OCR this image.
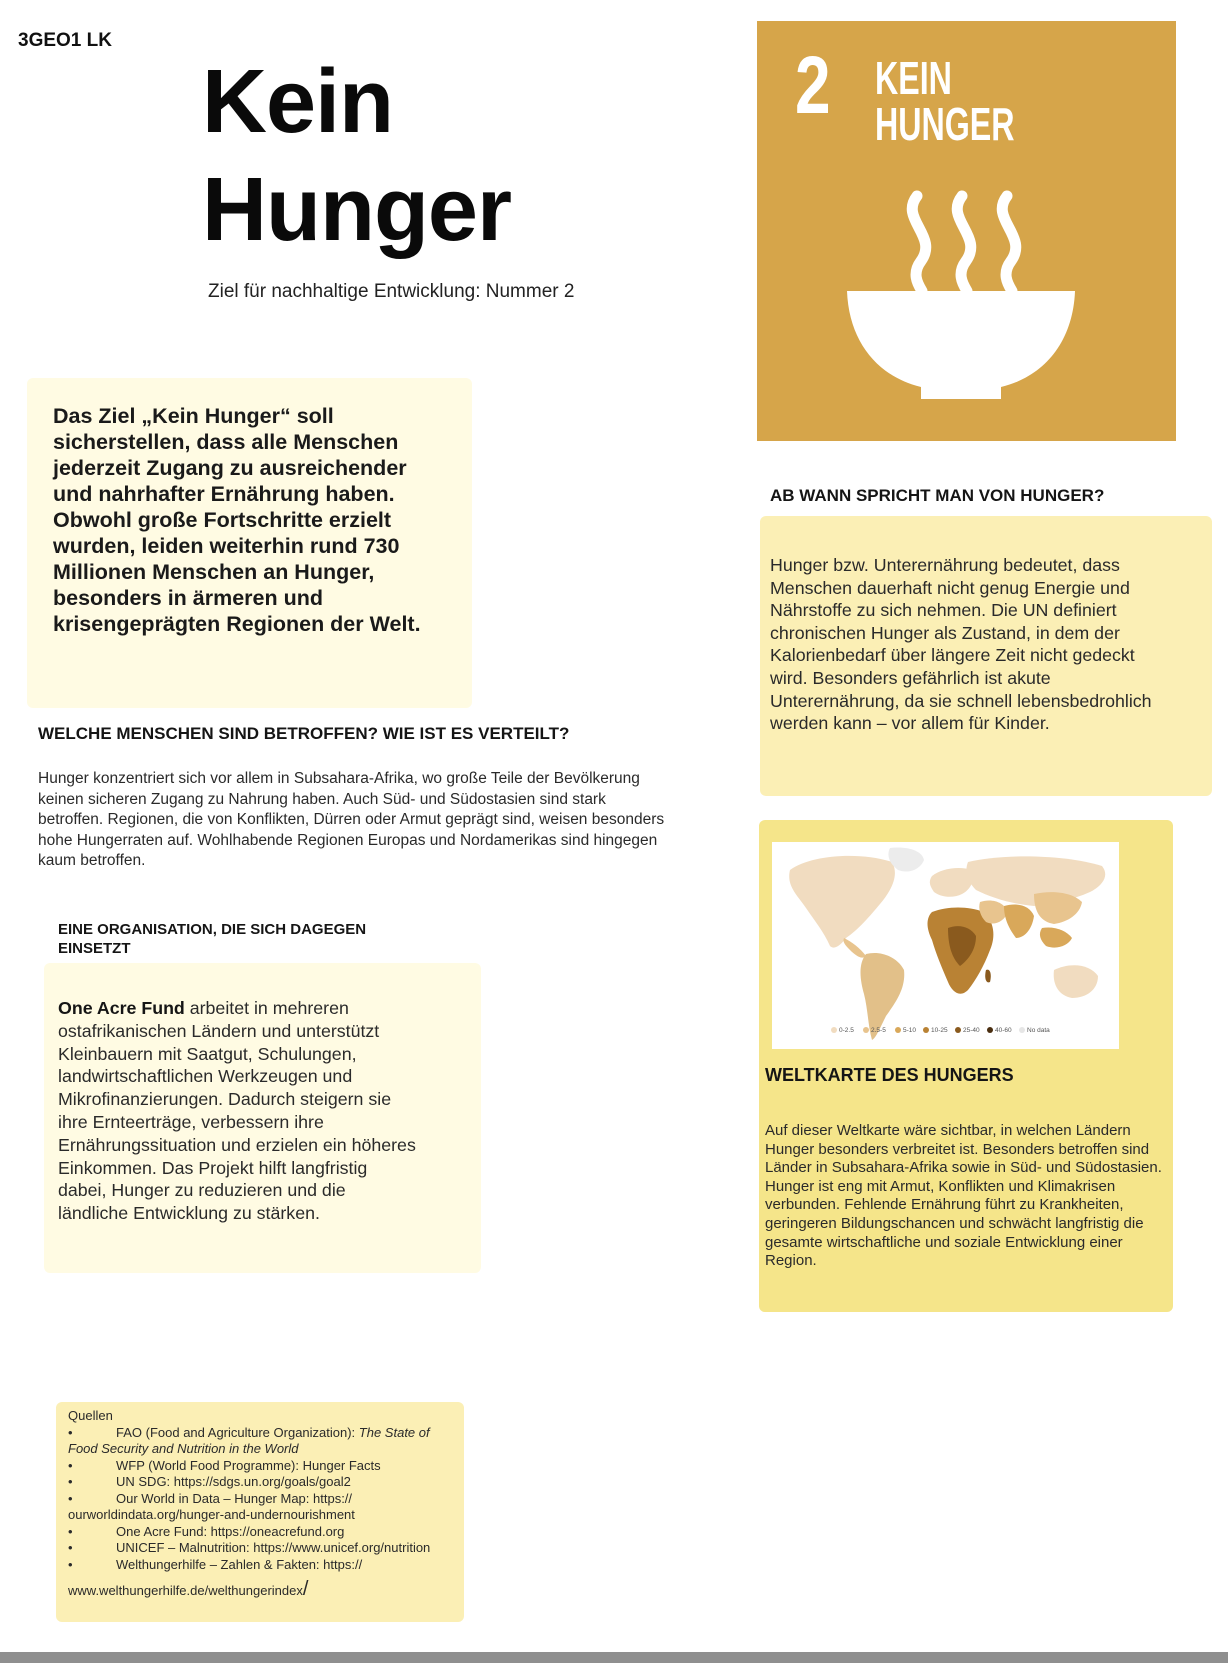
3GEO1 LK
Kein
Hunger
Ziel für nachhaltige Entwicklung: Nummer 2
2 KEIN
HUNGER
Das Ziel „Kein Hunger“ soll sicherstellen, dass alle Menschen jederzeit Zugang zu ausreichender und nahrhafter Ernährung haben. Obwohl große Fortschritte erzielt wurden, leiden weiterhin rund 730 Millionen Menschen an Hunger, besonders in ärmeren und krisengeprägten Regionen der Welt.
WELCHE MENSCHEN SIND BETROFFEN? WIE IST ES VERTEILT?
Hunger konzentriert sich vor allem in Subsahara-Afrika, wo große Teile der Bevölkerung keinen sicheren Zugang zu Nahrung haben. Auch Süd- und Südostasien sind stark betroffen. Regionen, die von Konflikten, Dürren oder Armut geprägt sind, weisen besonders hohe Hungerraten auf. Wohlhabende Regionen Europas und Nordamerikas sind hingegen kaum betroffen.
EINE ORGANISATION, DIE SICH DAGEGEN EINSETZT
One Acre Fund arbeitet in mehreren ostafrikanischen Ländern und unterstützt Kleinbauern mit Saatgut, Schulungen, landwirtschaftlichen Werkzeugen und Mikrofinanzierungen. Dadurch steigern sie ihre Ernteerträge, verbessern ihre Ernährungssituation und erzielen ein höheres Einkommen. Das Projekt hilft langfristig dabei, Hunger zu reduzieren und die ländliche Entwicklung zu stärken.
AB WANN SPRICHT MAN VON HUNGER?
Hunger bzw. Unterernährung bedeutet, dass Menschen dauerhaft nicht genug Energie und Nährstoffe zu sich nehmen. Die UN definiert chronischen Hunger als Zustand, in dem der Kalorienbedarf über längere Zeit nicht gedeckt wird. Besonders gefährlich ist akute Unterernährung, da sie schnell lebensbedrohlich werden kann – vor allem für Kinder.
0-2.5	2.5-5	5-10 10-25 25-40 40-60 No data
WELTKARTE DES HUNGERS
Auf dieser Weltkarte wäre sichtbar, in welchen Ländern Hunger besonders verbreitet ist. Besonders betroffen sind Länder in Subsahara-Afrika sowie in Süd- und Südostasien. Hunger ist eng mit Armut, Konflikten und Klimakrisen verbunden. Fehlende Ernährung führt zu Krankheiten, geringeren Bildungschancen und schwächt langfristig die gesamte wirtschaftliche und soziale Entwicklung einer Region.
Quellen
•	FAO (Food and Agriculture Organization): The State of
Food Security and Nutrition in the World
•	WFP (World Food Programme): Hunger Facts
•	UN SDG: https://sdgs.un.org/goals/goal2
•	Our World in Data – Hunger Map: https://
ourworldindata.org/hunger-and-undernourishment
•	One Acre Fund: https://oneacrefund.org
•	UNICEF – Malnutrition: https://www.unicef.org/nutrition
•	Welthungerhilfe – Zahlen & Fakten: https://
www.welthungerhilfe.de/welthungerindex/
